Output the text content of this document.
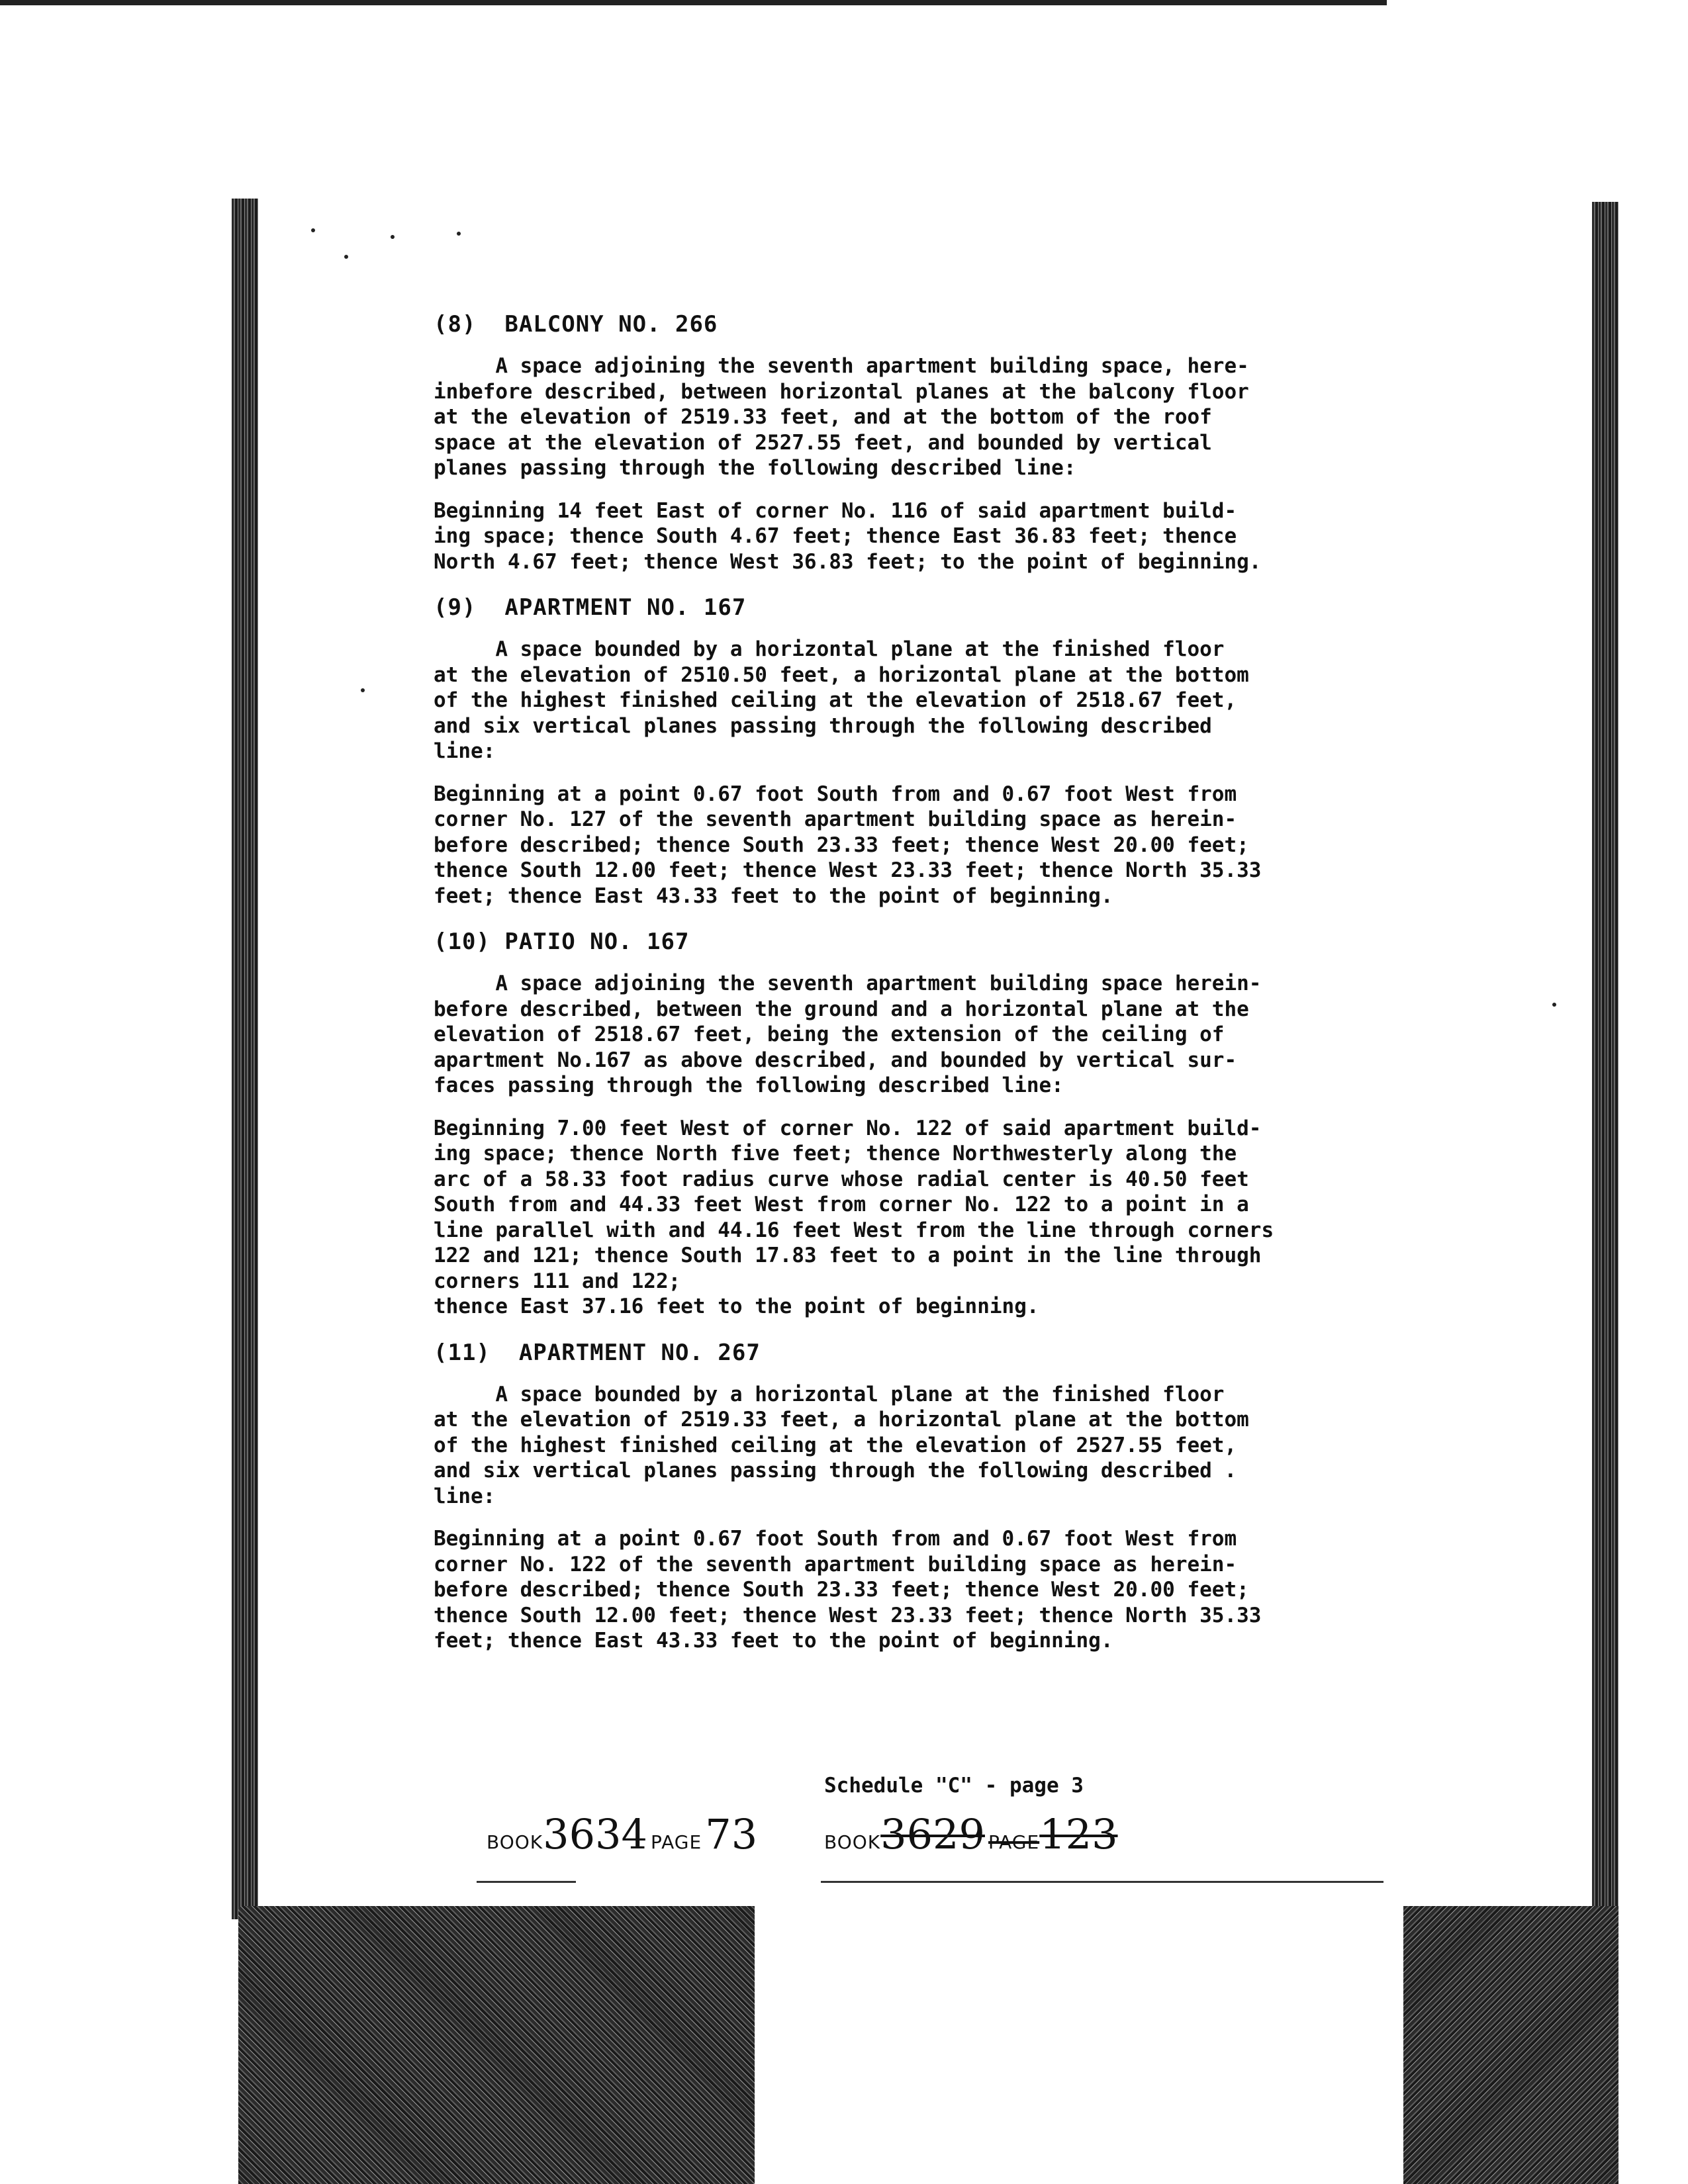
(8)  BALCONY NO. 266
A space adjoining the seventh apartment building space, here-
inbefore described, between horizontal planes at the balcony floor
at the elevation of 2519.33 feet, and at the bottom of the roof
space at the elevation of 2527.55 feet, and bounded by vertical
planes passing through the following described line:
Beginning 14 feet East of corner No. 116 of said apartment build-
ing space; thence South 4.67 feet; thence East 36.83 feet; thence
North 4.67 feet; thence West 36.83 feet; to the point of beginning.
(9)  APARTMENT NO. 167
A space bounded by a horizontal plane at the finished floor
at the elevation of 2510.50 feet, a horizontal plane at the bottom
of the highest finished ceiling at the elevation of 2518.67 feet,
and six vertical planes passing through the following described
line:
Beginning at a point 0.67 foot South from and 0.67 foot West from
corner No. 127 of the seventh apartment building space as herein-
before described; thence South 23.33 feet; thence West 20.00 feet;
thence South 12.00 feet; thence West 23.33 feet; thence North 35.33
feet; thence East 43.33 feet to the point of beginning.
(10) PATIO NO. 167
A space adjoining the seventh apartment building space herein-
before described, between the ground and a horizontal plane at the
elevation of 2518.67 feet, being the extension of the ceiling of
apartment No.167 as above described, and bounded by vertical sur-
faces passing through the following described line:
Beginning 7.00 feet West of corner No. 122 of said apartment build-
ing space; thence North five feet; thence Northwesterly along the
arc of a 58.33 foot radius curve whose radial center is 40.50 feet
South from and 44.33 feet West from corner No. 122 to a point in a
line parallel with and 44.16 feet West from the line through corners
122 and 121; thence South 17.83 feet to a point in the line through
corners 111 and 122;
thence East 37.16 feet to the point of beginning.
(11)  APARTMENT NO. 267
A space bounded by a horizontal plane at the finished floor
at the elevation of 2519.33 feet, a horizontal plane at the bottom
of the highest finished ceiling at the elevation of 2527.55 feet,
and six vertical planes passing through the following described .
line:
Beginning at a point 0.67 foot South from and 0.67 foot West from
corner No. 122 of the seventh apartment building space as herein-
before described; thence South 23.33 feet; thence West 20.00 feet;
thence South 12.00 feet; thence West 23.33 feet; thence North 35.33
feet; thence East 43.33 feet to the point of beginning.
Schedule "C" - page 3
BOOK3634 PAGE 73	BOOK3629 PAGE123
